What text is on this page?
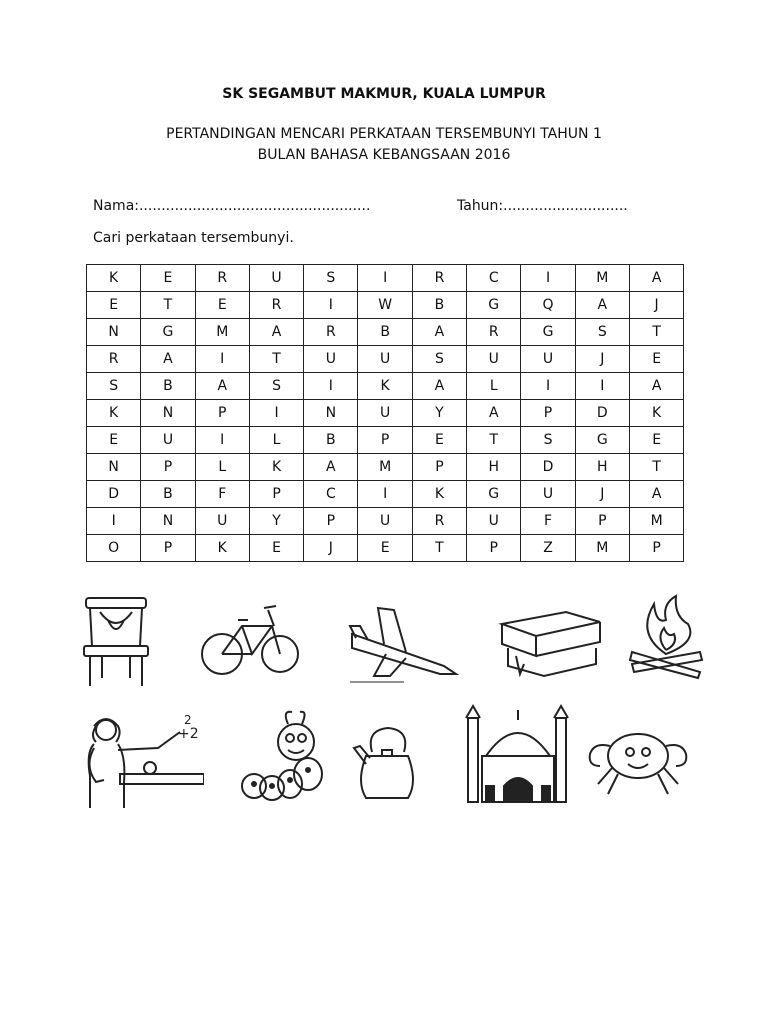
SK SEGAMBUT MAKMUR, KUALA LUMPUR
PERTANDINGAN MENCARI PERKATAAN TERSEMBUNYI TAHUN 1
BULAN BAHASA KEBANGSAAN 2016
Nama:....................................................	Tahun:............................
Cari perkataan tersembunyi.
K	E	R	U	S	I	R	C	I	M	A
E	T	E	R	I	W	B	G	Q	A	J
N	G	M	A	R	B	A	R	G	S	T
R	A	I	T	U	U	S	U	U	J	E
S	B	A	S	I	K	A	L	I	I	A
K	N	P	I	N	U	Y	A	P	D	K
E	U	I	L	B	P	E	T	S	G	E
N	P	L	K	A	M	P	H	D	H	T
D	B	F	P	C	I	K	G	U	J	A
I	N	U	Y	P	U	R	U	F	P	M
O	P	K	E	J	E	T	P	Z	M	P
+2
2
